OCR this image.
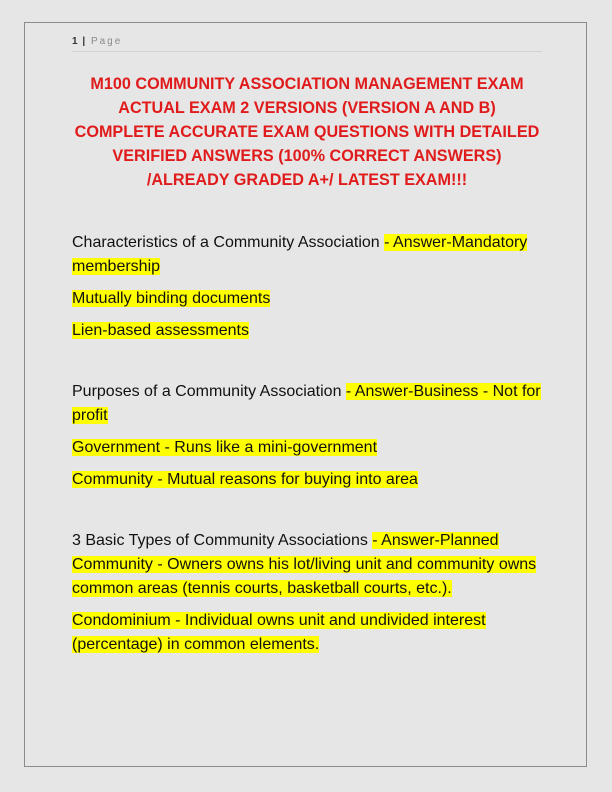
1 | Page
M100 COMMUNITY ASSOCIATION MANAGEMENT EXAM ACTUAL EXAM 2 VERSIONS (VERSION A AND B) COMPLETE ACCURATE EXAM QUESTIONS WITH DETAILED VERIFIED ANSWERS (100% CORRECT ANSWERS) /ALREADY GRADED A+/ LATEST EXAM!!!

Characteristics of a Community Association - Answer-Mandatory membership

Mutually binding documents

Lien-based assessments

Purposes of a Community Association - Answer-Business - Not for profit

Government - Runs like a mini-government

Community - Mutual reasons for buying into area

3 Basic Types of Community Associations - Answer-Planned Community - Owners owns his lot/living unit and community owns common areas (tennis courts, basketball courts, etc.).

Condominium - Individual owns unit and undivided interest (percentage) in common elements.
